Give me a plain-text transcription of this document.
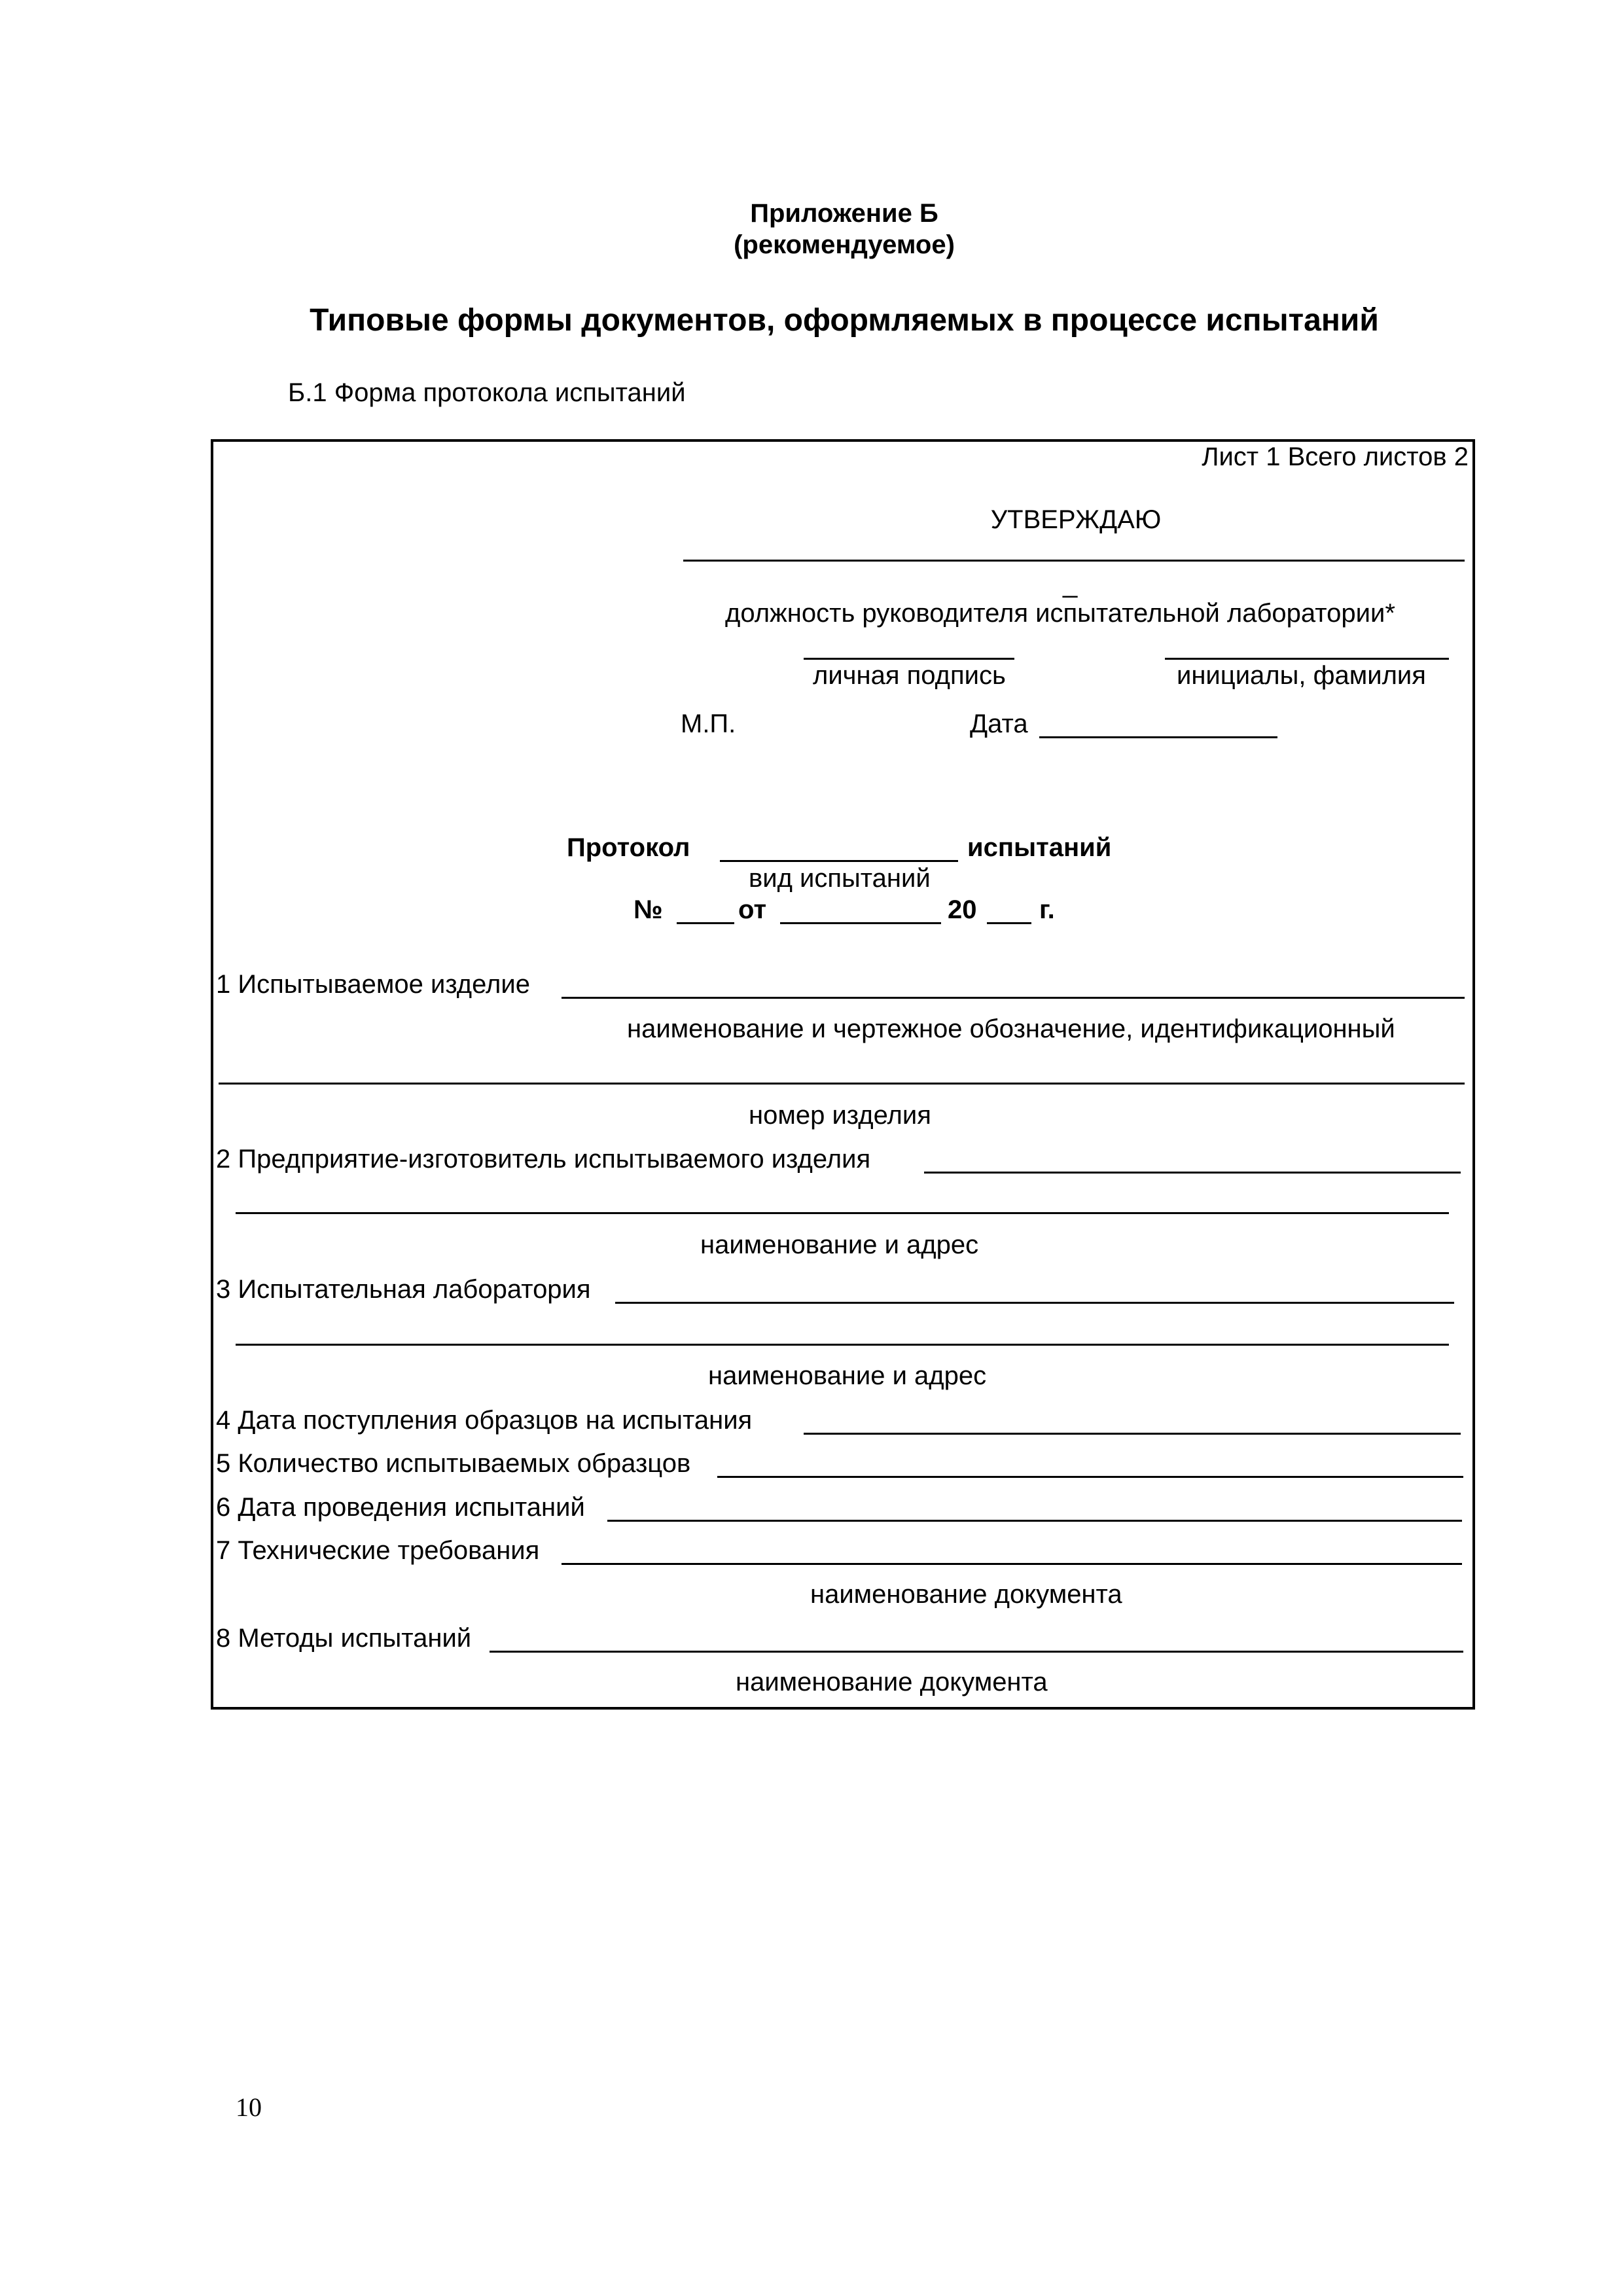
Приложение Б
(рекомендуемое)
Типовые формы документов, оформляемых в процессе испытаний
Б.1 Форма протокола испытаний
Лист 1 Всего листов 2
УТВЕРЖДАЮ
_
должность руководителя испытательной лаборатории*
личная подпись	инициалы, фамилия
М.П.	Дата
Протокол	испытаний
вид испытаний
№	от	20 г.
1 Испытываемое изделие
наименование и чертежное обозначение, идентификационный
номер изделия
2 Предприятие-изготовитель испытываемого изделия
наименование и адрес
3 Испытательная лаборатория
наименование и адрес
4 Дата поступления образцов на испытания
5 Количество испытываемых образцов
6 Дата проведения испытаний
7 Технические требования
наименование документа
8 Методы испытаний
наименование документа
10
